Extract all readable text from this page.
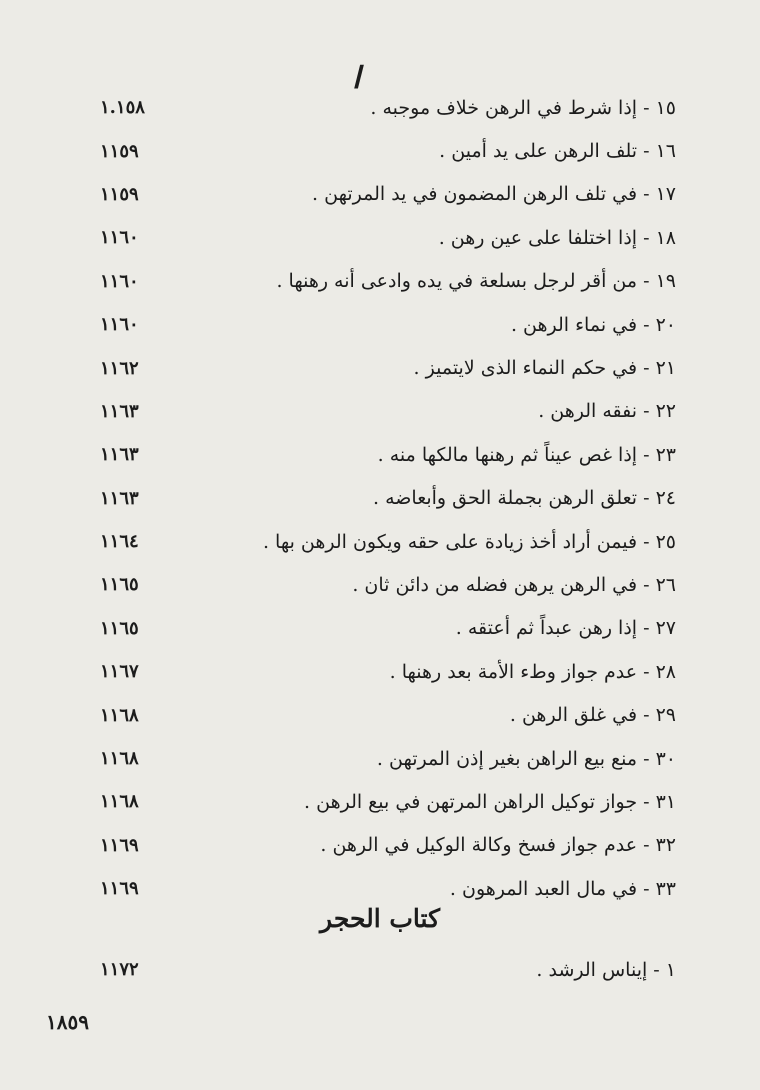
ا
١٥ - إذا شرط في الرهن خلاف موجبه .
١.١٥٨
١٦ - تلف الرهن على يد أمين .
١١٥٩
١٧ - في تلف الرهن المضمون في يد المرتهن .
١١٥٩
١٨ - إذا اختلفا على عين رهن .
١١٦٠
١٩ - من أقر لرجل بسلعة في يده وادعى أنه رهنها .
١١٦٠
٢٠ - في نماء الرهن .
١١٦٠
٢١ - في حكم النماء الذى لايتميز .
١١٦٢
٢٢ - نفقه الرهن .
١١٦٣
٢٣ - إذا غص عيناً ثم رهنها مالكها منه .
١١٦٣
٢٤ - تعلق الرهن بجملة الحق وأبعاضه .
١١٦٣
٢٥ - فيمن أراد أخذ زيادة على حقه ويكون الرهن بها .
١١٦٤
٢٦ - في الرهن يرهن فضله من دائن ثان .
١١٦٥
٢٧ - إذا رهن عبداً ثم أعتقه .
١١٦٥
٢٨ - عدم جواز وطء الأمة بعد رهنها .
١١٦٧
٢٩ - في غلق الرهن .
١١٦٨
٣٠ - منع بيع الراهن بغير إذن المرتهن .
١١٦٨
٣١ - جواز توكيل الراهن المرتهن في بيع الرهن .
١١٦٨
٣٢ - عدم جواز فسخ وكالة الوكيل في الرهن .
١١٦٩
٣٣ - في مال العبد المرهون .
١١٦٩
كتاب الحجر
١ - إيناس الرشد .
١١٧٢
١٨٥٩
